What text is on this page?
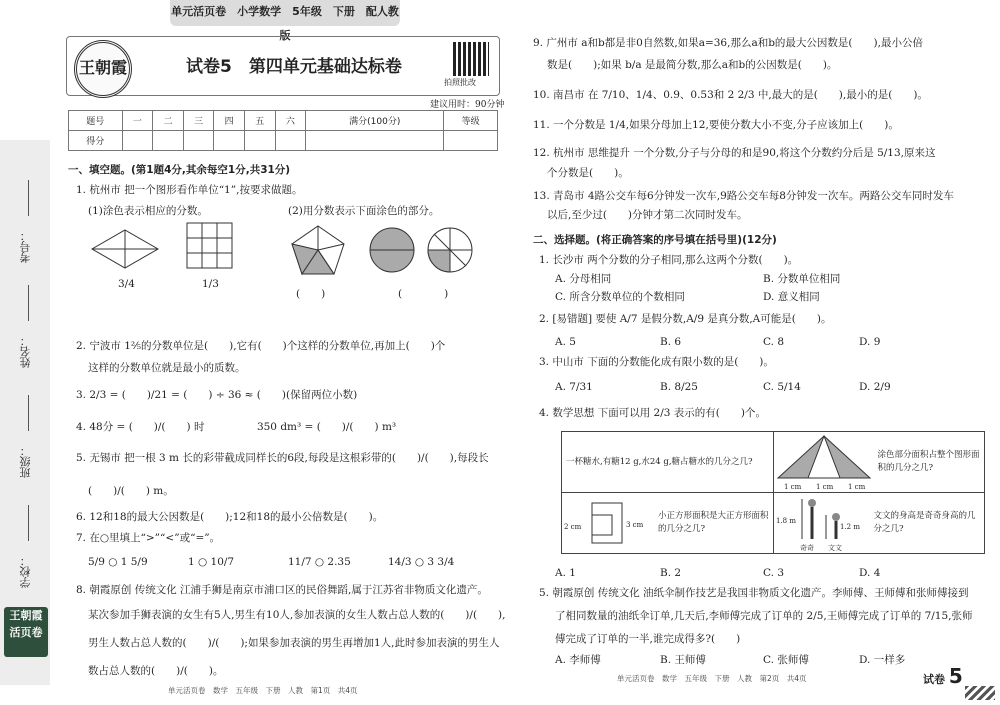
单元活页卷　小学数学　5年级　下册　配人教版
考号：
姓名：
班级：
学校：
王朝霞 活页卷
王朝霞	试卷5　第四单元基础达标卷
拍照批改
建议用时：90分钟
题号	一	二	三	四	五	六	满分(100分)	等级
得分								
一、填空题。(第1题4分,其余每空1分,共31分)
1. 杭州市 把一个图形看作单位“1”,按要求做题。
(1)涂色表示相应的分数。	(2)用分数表示下面涂色的部分。
3/4	1/3
(　　)	(　　　　)
2. 宁波市 1⅖的分数单位是(　　),它有(　　)个这样的分数单位,再加上(　　)个
这样的分数单位就是最小的质数。
3. 2/3 = (　　)/21 = (　　) ÷ 36 ≈ (　　)(保留两位小数)
4. 48分 = (　　)/(　　) 时　　　　　350 dm³ = (　　)/(　　) m³
5. 无锡市 把一根 3 m 长的彩带截成同样长的6段,每段是这根彩带的(　　)/(　　),每段长
(　　)/(　　) m。
6. 12和18的最大公因数是(　　);12和18的最小公倍数是(　　)。
7. 在○里填上“>”“<”或“=”。
5/9 ○ 1 5/9	1 ○ 10/7	11/7 ○ 2.35	14/3 ○ 3 3/4
8. 朝霞原创 传统文化 江浦手狮是南京市浦口区的民俗舞蹈,属于江苏省非物质文化遗产。
某次参加手狮表演的女生有5人,男生有10人,参加表演的女生人数占总人数的(　　)/(　　),
男生人数占总人数的(　　)/(　　);如果参加表演的男生再增加1人,此时参加表演的男生人
数占总人数的(　　)/(　　)。
单元活页卷　数学　五年级　下册　人教　第1页　共4页
9. 广州市 a和b都是非0自然数,如果a=36,那么a和b的最大公因数是(　　),最小公倍
数是(　　);如果 b/a 是最简分数,那么a和b的公因数是(　　)。
10. 南昌市 在 7/10、1/4、0.9、0.53和 2 2/3 中,最大的是(　　),最小的是(　　)。
11. 一个分数是 1/4,如果分母加上12,要使分数大小不变,分子应该加上(　　)。
12. 杭州市 思维提升 一个分数,分子与分母的和是90,将这个分数约分后是 5/13,原来这
个分数是(　　)。
13. 青岛市 4路公交车每6分钟发一次车,9路公交车每8分钟发一次车。两路公交车同时发车
以后,至少过(　　)分钟才第二次同时发车。
二、选择题。(将正确答案的序号填在括号里)(12分)
1. 长沙市 两个分数的分子相同,那么这两个分数(　　)。
A. 分母相同	B. 分数单位相同
C. 所含分数单位的个数相同	D. 意义相同
2. [易错题] 要使 A/7 是假分数,A/9 是真分数,A可能是(　　)。
A. 5	B. 6	C. 8	D. 9
3. 中山市 下面的分数能化成有限小数的是(　　)。
A. 7/31	B. 8/25	C. 5/14	D. 2/9
4. 数学思想 下面可以用 2/3 表示的有(　　)个。
一杯糖水,有糖12 g,水24 g,糖占糖水的几分之几?	1 cm 1 cm 1 cm
涂色部分面积占整个图形面积的几分之几?

2 cm 3 cm
小正方形面积是大正方形面积的几分之几?	1.8 m
1.2 m
奇奇 文文
文文的身高是奇奇身高的几分之几?
A. 1	B. 2	C. 3	D. 4
5. 朝霞原创 传统文化 油纸伞制作技艺是我国非物质文化遗产。李师傅、王师傅和张师傅接到
了相同数量的油纸伞订单,几天后,李师傅完成了订单的 2/5,王师傅完成了订单的 7/15,张师
傅完成了订单的一半,谁完成得多?(　　)
A. 李师傅	B. 王师傅	C. 张师傅	D. 一样多
单元活页卷　数学　五年级　下册　人教　第2页　共4页	试卷 5
